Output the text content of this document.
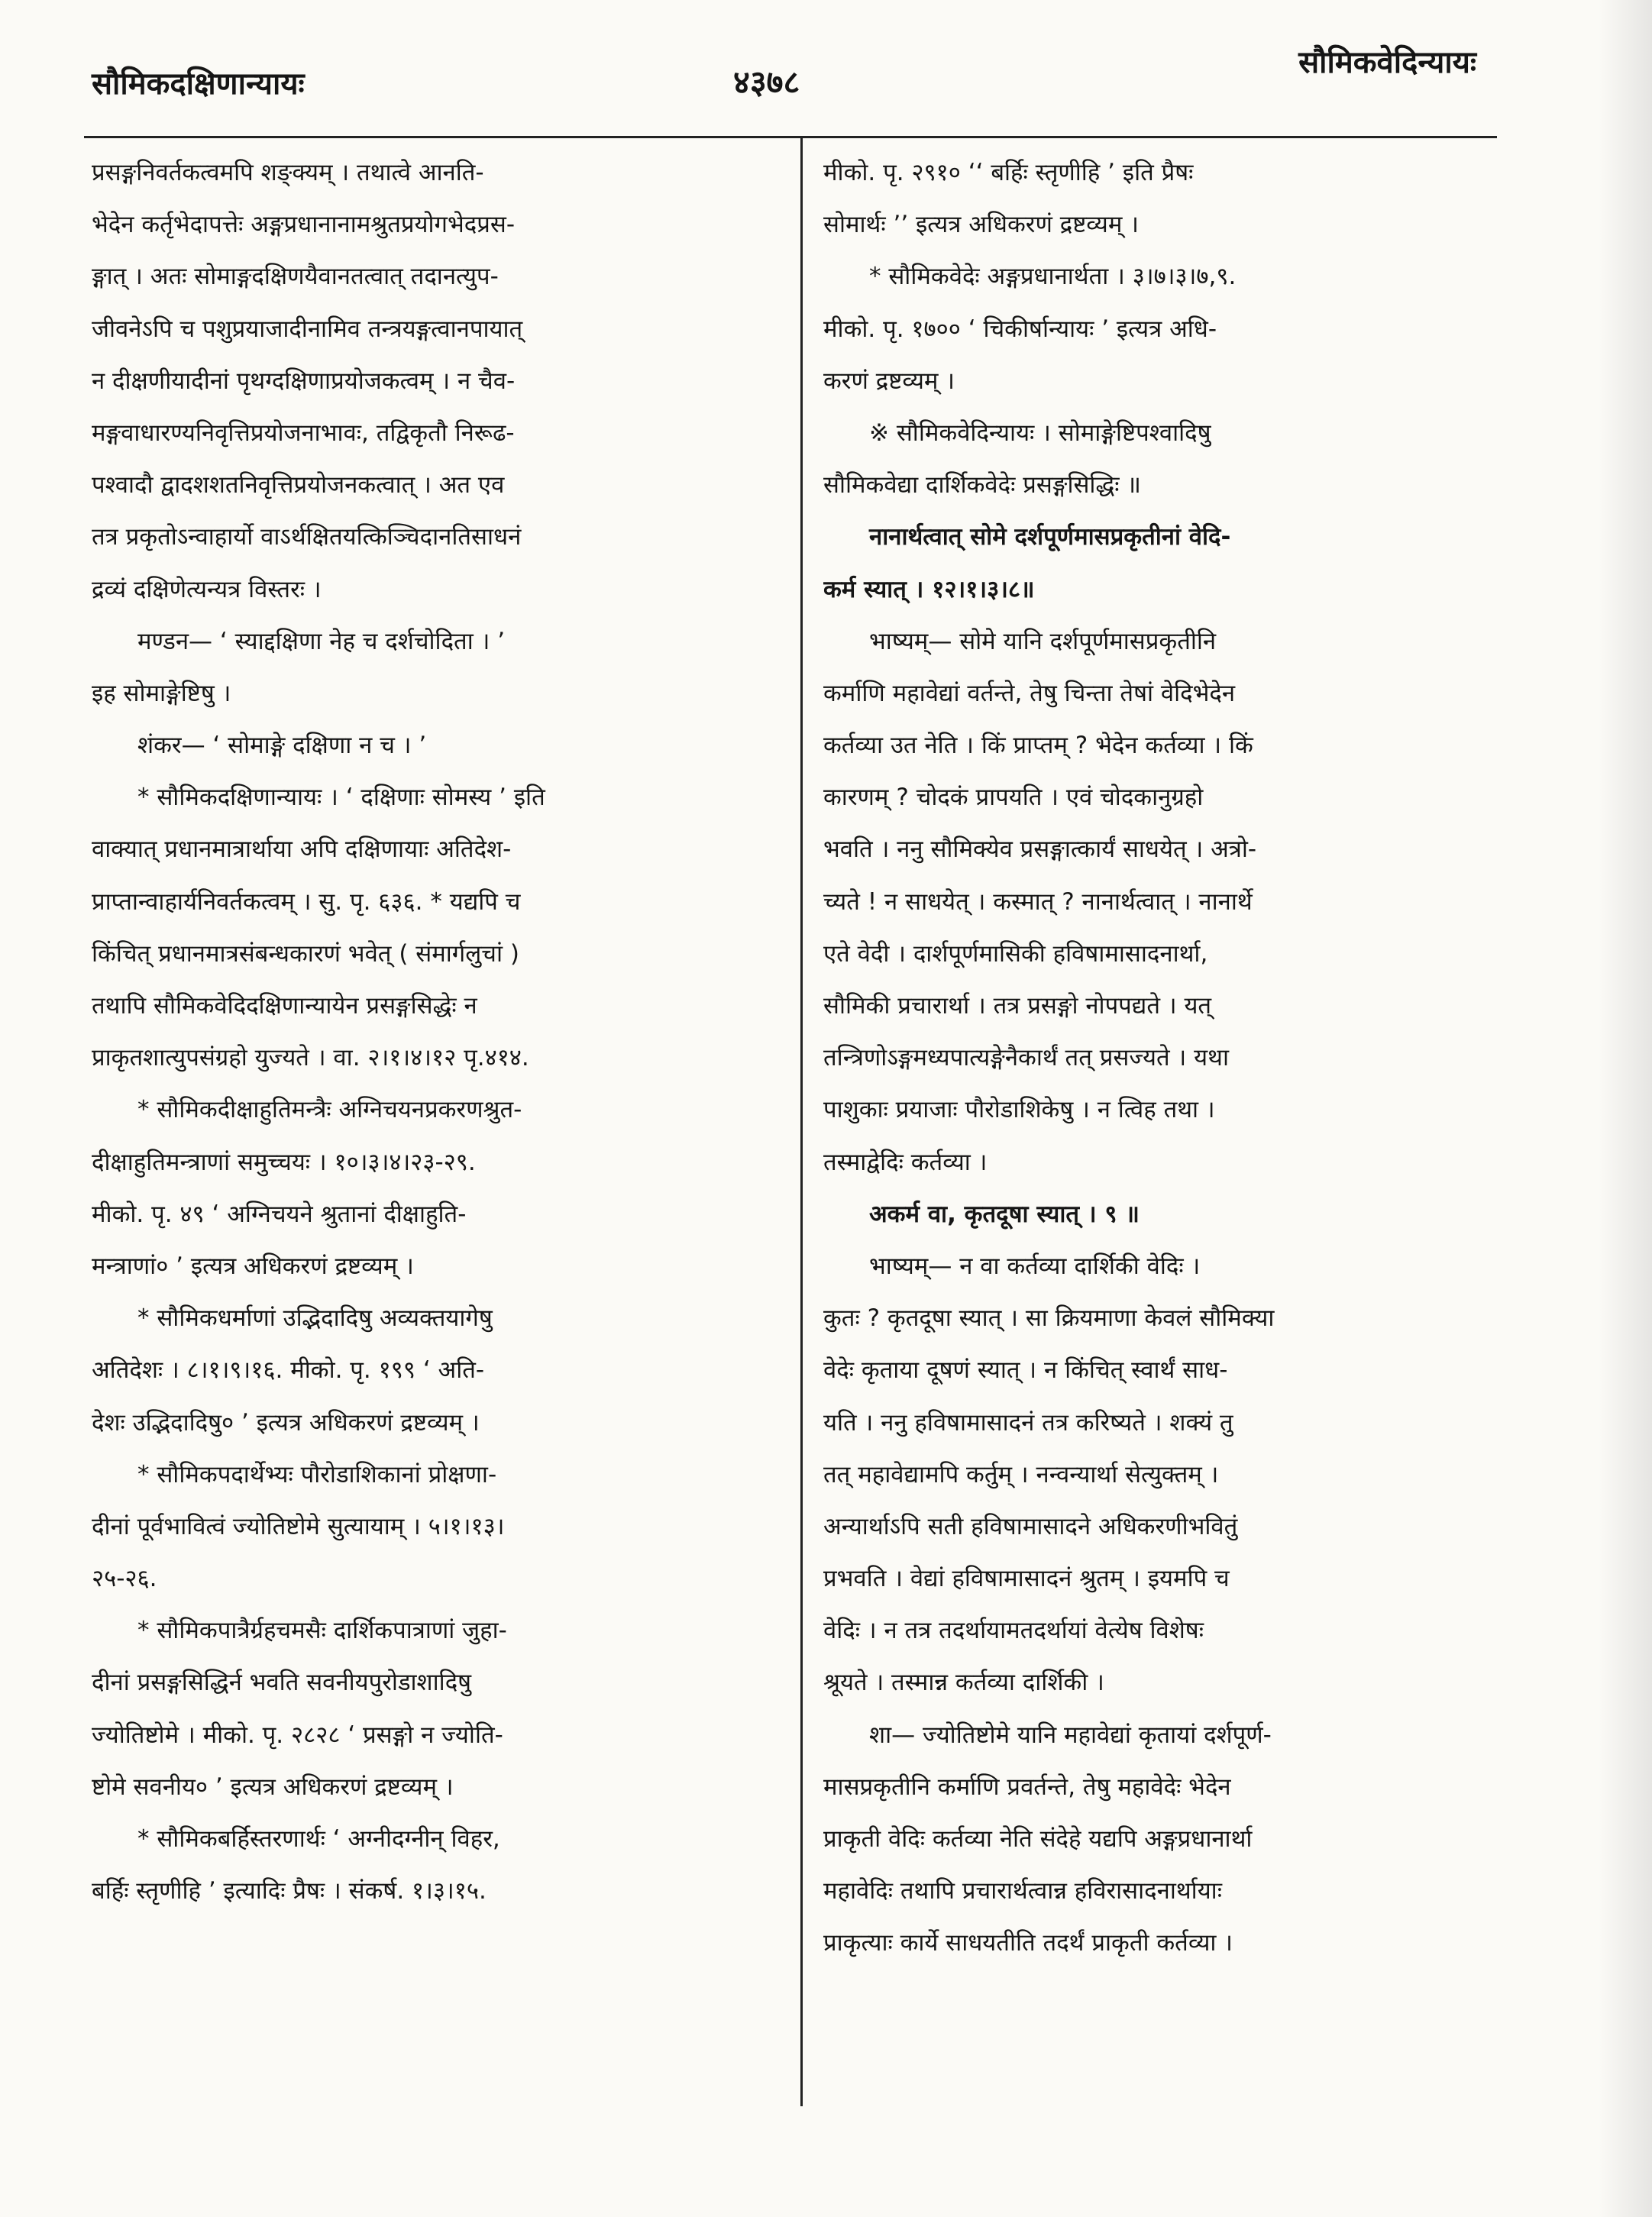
सौमिकदक्षिणान्यायः	४३७८
सौमिकवेदिन्यायः
प्रसङ्गनिवर्तकत्वमपि शङ्क्यम् । तथात्वे आनति-
भेदेन कर्तृभेदापत्तेः अङ्गप्रधानानामश्रुतप्रयोगभेदप्रस-
ङ्गात् । अतः सोमाङ्गदक्षिणयैवानतत्वात् तदानत्युप-
जीवनेऽपि च पशुप्रयाजादीनामिव तन्त्रयङ्गत्वानपायात्
न दीक्षणीयादीनां पृथग्दक्षिणाप्रयोजकत्वम् । न चैव-
मङ्गवाधारण्यनिवृत्तिप्रयोजनाभावः, तद्विकृतौ निरूढ-
पश्वादौ द्वादशशतनिवृत्तिप्रयोजनकत्वात् । अत एव
तत्र प्रकृतोऽन्वाहार्यो वाऽर्थक्षितयत्किञ्चिदानतिसाधनं
द्रव्यं दक्षिणेत्यन्यत्र विस्तरः ।
मण्डन— ‘ स्याद्दक्षिणा नेह च दर्शचोदिता । ’
इह सोमाङ्गेष्टिषु ।
शंकर— ‘ सोमाङ्गे दक्षिणा न च । ’
* सौमिकदक्षिणान्यायः । ‘ दक्षिणाः सोमस्य ’ इति
वाक्यात् प्रधानमात्रार्थाया अपि दक्षिणायाः अतिदेश-
प्राप्तान्वाहार्यनिवर्तकत्वम् । सु. पृ. ६३६. * यद्यपि च
किंचित् प्रधानमात्रसंबन्धकारणं भवेत् ( संमार्गलुचां )
तथापि सौमिकवेदिदक्षिणान्यायेन प्रसङ्गसिद्धेः न
प्राकृतशात्युपसंग्रहो युज्यते । वा. २।१।४।१२ पृ.४१४.
* सौमिकदीक्षाहुतिमन्त्रैः अग्निचयनप्रकरणश्रुत-
दीक्षाहुतिमन्त्राणां समुच्चयः । १०।३।४।२३-२९.
मीको. पृ. ४९ ‘ अग्निचयने श्रुतानां दीक्षाहुति-
मन्त्राणां० ’ इत्यत्र अधिकरणं द्रष्टव्यम् ।
* सौमिकधर्माणां उद्भिदादिषु अव्यक्तयागेषु
अतिदेशः । ८।१।९।१६. मीको. पृ. १९९ ‘ अति-
देशः उद्भिदादिषु० ’ इत्यत्र अधिकरणं द्रष्टव्यम् ।
* सौमिकपदार्थेभ्यः पौरोडाशिकानां प्रोक्षणा-
दीनां पूर्वभावित्वं ज्योतिष्टोमे सुत्यायाम् । ५।१।१३।
२५-२६.
* सौमिकपात्रैर्ग्रहचमसैः दार्शिकपात्राणां जुहा-
दीनां प्रसङ्गसिद्धिर्न भवति सवनीयपुरोडाशादिषु
ज्योतिष्टोमे । मीको. पृ. २८२८ ‘ प्रसङ्गो न ज्योति-
ष्टोमे सवनीय० ’ इत्यत्र अधिकरणं द्रष्टव्यम् ।
* सौमिकबर्हिस्तरणार्थः ‘ अग्नीदग्नीन् विहर,
बर्हिः स्तृणीहि ’ इत्यादिः प्रैषः । संकर्ष. १।३।१५.
मीको. पृ. २९१० ‘‘ बर्हिः स्तृणीहि ’ इति प्रैषः
सोमार्थः ’’ इत्यत्र अधिकरणं द्रष्टव्यम् ।
* सौमिकवेदेः अङ्गप्रधानार्थता । ३।७।३।७,९.
मीको. पृ. १७०० ‘ चिकीर्षान्यायः ’ इत्यत्र अधि-
करणं द्रष्टव्यम् ।
※ सौमिकवेदिन्यायः । सोमाङ्गेष्टिपश्वादिषु
सौमिकवेद्या दार्शिकवेदेः प्रसङ्गसिद्धिः ॥
नानार्थत्वात् सोमे दर्शपूर्णमासप्रकृतीनां वेदि-
कर्म स्यात् । १२।१।३।८॥
भाष्यम्— सोमे यानि दर्शपूर्णमासप्रकृतीनि
कर्माणि महावेद्यां वर्तन्ते, तेषु चिन्ता तेषां वेदिभेदेन
कर्तव्या उत नेति । किं प्राप्तम् ? भेदेन कर्तव्या । किं
कारणम् ? चोदकं प्रापयति । एवं चोदकानुग्रहो
भवति । ननु सौमिक्येव प्रसङ्गात्कार्यं साधयेत् । अत्रो-
च्यते ! न साधयेत् । कस्मात् ? नानार्थत्वात् । नानार्थे
एते वेदी । दार्शपूर्णमासिकी हविषामासादनार्था,
सौमिकी प्रचारार्था । तत्र प्रसङ्गो नोपपद्यते । यत्
तन्त्रिणोऽङ्गमध्यपात्यङ्गेनैकार्थं तत् प्रसज्यते । यथा
पाशुकाः प्रयाजाः पौरोडाशिकेषु । न त्विह तथा ।
तस्माद्वेदिः कर्तव्या ।
अकर्म वा, कृतदूषा स्यात् । ९ ॥
भाष्यम्— न वा कर्तव्या दार्शिकी वेदिः ।
कुतः ? कृतदूषा स्यात् । सा क्रियमाणा केवलं सौमिक्या
वेदेः कृताया दूषणं स्यात् । न किंचित् स्वार्थं साध-
यति । ननु हविषामासादनं तत्र करिष्यते । शक्यं तु
तत् महावेद्यामपि कर्तुम् । नन्वन्यार्था सेत्युक्तम् ।
अन्यार्थाऽपि सती हविषामासादने अधिकरणीभवितुं
प्रभवति । वेद्यां हविषामासादनं श्रुतम् । इयमपि च
वेदिः । न तत्र तदर्थायामतदर्थायां वेत्येष विशेषः
श्रूयते । तस्मान्न कर्तव्या दार्शिकी ।
शा— ज्योतिष्टोमे यानि महावेद्यां कृतायां दर्शपूर्ण-
मासप्रकृतीनि कर्माणि प्रवर्तन्ते, तेषु महावेदेः भेदेन
प्राकृती वेदिः कर्तव्या नेति संदेहे यद्यपि अङ्गप्रधानार्था
महावेदिः तथापि प्रचारार्थत्वान्न हविरासादनार्थायाः
प्राकृत्याः कार्ये साधयतीति तदर्थं प्राकृती कर्तव्या ।
